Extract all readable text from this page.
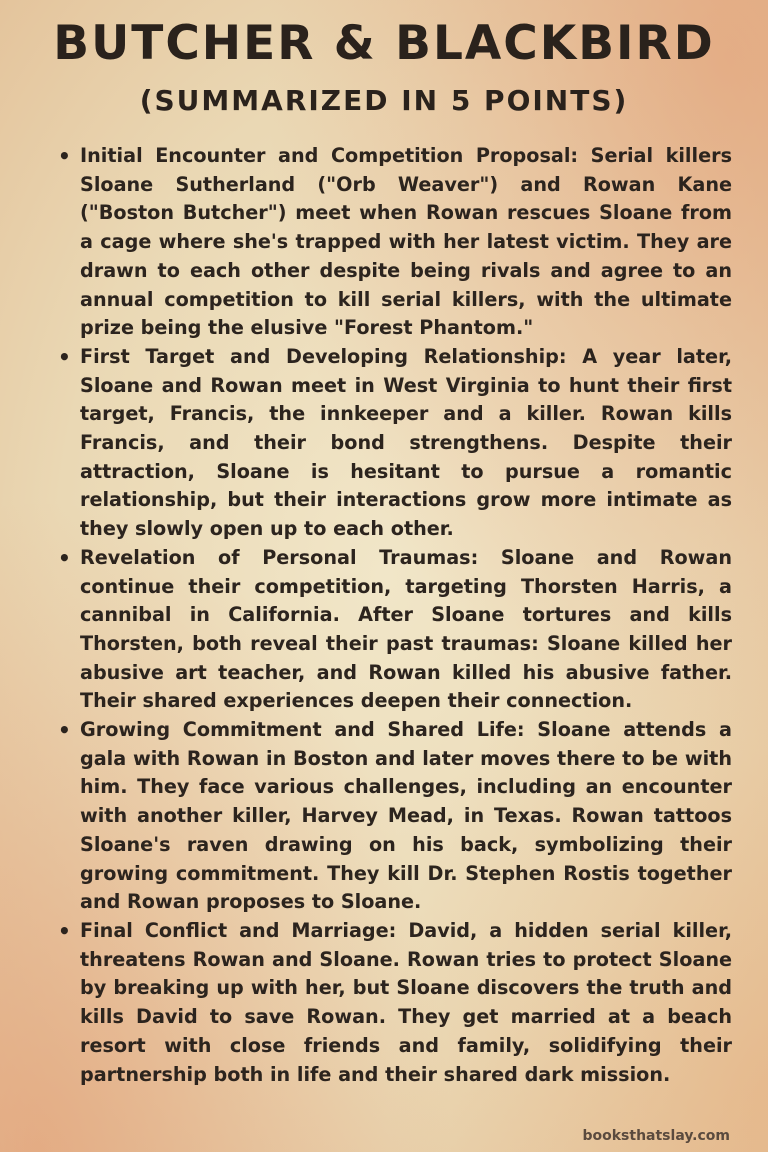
BUTCHER & BLACKBIRD
(SUMMARIZED IN 5 POINTS)
• Initial Encounter and Competition Proposal: Serial killers Sloane Sutherland ("Orb Weaver") and Rowan Kane ("Boston Butcher") meet when Rowan rescues Sloane from a cage where she's trapped with her latest victim. They are drawn to each other despite being rivals and agree to an annual competition to kill serial killers, with the ultimate prize being the elusive "Forest Phantom."
• First Target and Developing Relationship: A year later, Sloane and Rowan meet in West Virginia to hunt their first target, Francis, the innkeeper and a killer. Rowan kills Francis, and their bond strengthens. Despite their attraction, Sloane is hesitant to pursue a romantic relationship, but their interactions grow more intimate as they slowly open up to each other.
• Revelation of Personal Traumas: Sloane and Rowan continue their competition, targeting Thorsten Harris, a cannibal in California. After Sloane tortures and kills Thorsten, both reveal their past traumas: Sloane killed her abusive art teacher, and Rowan killed his abusive father. Their shared experiences deepen their connection.
• Growing Commitment and Shared Life: Sloane attends a gala with Rowan in Boston and later moves there to be with him. They face various challenges, including an encounter with another killer, Harvey Mead, in Texas. Rowan tattoos Sloane's raven drawing on his back, symbolizing their growing commitment. They kill Dr. Stephen Rostis together and Rowan proposes to Sloane.
• Final Conflict and Marriage: David, a hidden serial killer, threatens Rowan and Sloane. Rowan tries to protect Sloane by breaking up with her, but Sloane discovers the truth and kills David to save Rowan. They get married at a beach resort with close friends and family, solidifying their partnership both in life and their shared dark mission.
booksthatslay.com
